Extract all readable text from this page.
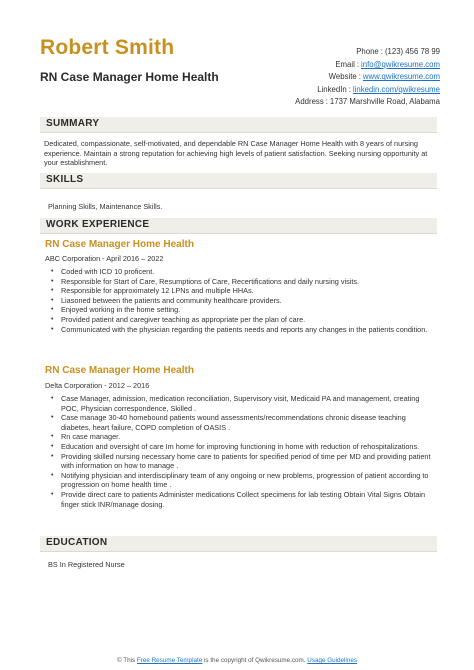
Robert Smith
RN Case Manager Home Health
Phone : (123) 456 78 99
Email : info@qwikresume.com
Website : www.qwikresume.com
LinkedIn : linkedin.com/qwikresume
Address : 1737 Marshville Road, Alabama
SUMMARY
Dedicated, compassionate, self-motivated, and dependable RN Case Manager Home Health with 8 years of nursing experience. Maintain a strong reputation for achieving high levels of patient satisfaction. Seeking nursing opportunity at your establishment.
SKILLS
Planning Skills, Maintenance Skills.
WORK EXPERIENCE
RN Case Manager Home Health
ABC Corporation - April 2016 – 2022
• Coded with ICD 10 proficent.
• Responsible for Start of Care, Resumptions of Care, Recertifications and daily nursing visits.
• Responsible for approximately 12 LPNs and multiple HHAs.
• Liasoned between the patients and community healthcare providers.
• Enjoyed working in the home setting.
• Provided patient and caregiver teaching as appropriate per the plan of care.
• Communicated with the physician regarding the patients needs and reports any changes in the patients condition.
RN Case Manager Home Health
Delta Corporation - 2012 – 2016
• Case Manager, admission, medication reconciliation, Supervisory visit, Medicaid PA and management, creating POC, Physician correspondence, Skilled .
• Case manage 30-40 homebound patients wound assessments/recommendations chronic disease teaching diabetes, heart failure, COPD completion of OASIS .
• Rn case manager.
• Education and oversight of care Im home for improving functioning in home with reduction of rehospitalizations.
• Providing skilled nursing necessary home care to patients for specified period of time per MD and providing patient with information on how to manage .
• Notifying physician and interdisciplinary team of any ongoing or new problems, progression of patient according to progression on home health time .
• Provide direct care to patients Administer medications Collect specimens for lab testing Obtain Vital Signs Obtain finger stick INR/manage dosing.
EDUCATION
BS In Registered Nurse
© This Free Resume Template is the copyright of Qwikresume.com. Usage Guidelines
